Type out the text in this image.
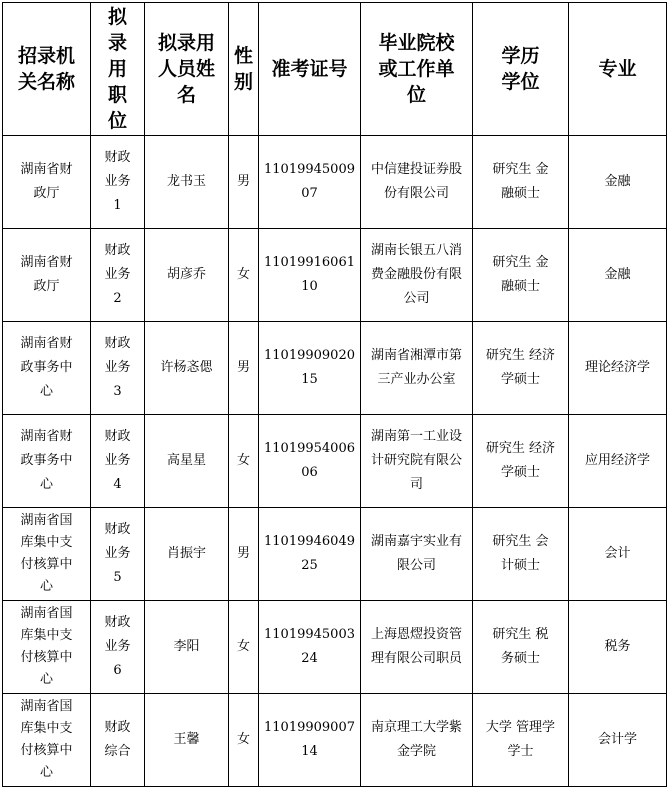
招录机关名称	拟录用职位	拟录用人员姓名	性别	准考证号	毕业院校或工作单位	学历学位	专业
湖南省财政厅	财政业务1	龙书玉	男	1101994500907	中信建投证券股份有限公司	研究生 金融硕士	金融
湖南省财政厅	财政业务2	胡彦乔	女	1101991606110	湖南长银五八消费金融股份有限公司	研究生 金融硕士	金融
湖南省财政事务中心	财政业务3	许杨忞偲	男	1101990902015	湖南省湘潭市第三产业办公室	研究生 经济学硕士	理论经济学
湖南省财政事务中心	财政业务4	高星星	女	1101995400606	湖南第一工业设计研究院有限公司	研究生 经济学硕士	应用经济学
湖南省国库集中支付核算中心	财政业务5	肖振宇	男	1101994604925	湖南嘉宇实业有限公司	研究生 会计硕士	会计
湖南省国库集中支付核算中心	财政业务6	李阳	女	1101994500324	上海恩熤投资管理有限公司职员	研究生 税务硕士	税务
湖南省国库集中支付核算中心	财政综合	王馨	女	1101990900714	南京理工大学紫金学院	大学 管理学学士	会计学
